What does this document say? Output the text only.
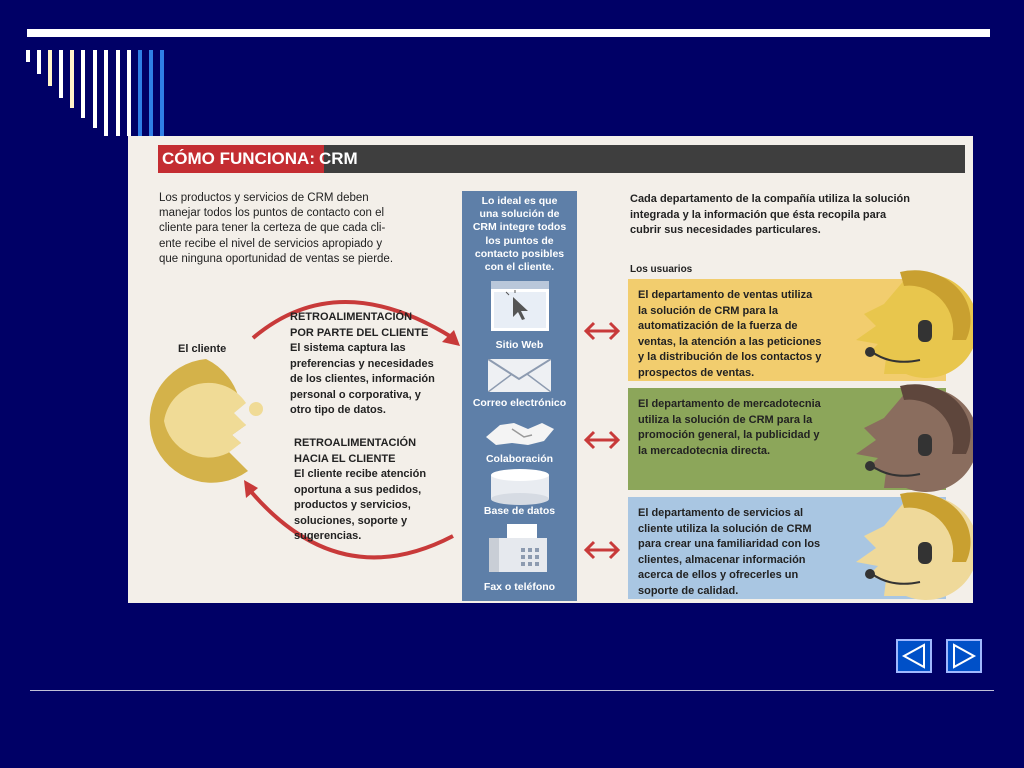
CÓMO FUNCIONA: CRM
Los productos y servicios de CRM deben
manejar todos los puntos de contacto con el
cliente para tener la certeza de que cada cli-
ente recibe el nivel de servicios apropiado y
que ninguna oportunidad de ventas se pierde.
El cliente
RETROALIMENTACIÓN
POR PARTE DEL CLIENTE
El sistema captura las
preferencias y necesidades
de los clientes, información
personal o corporativa, y
otro tipo de datos.
RETROALIMENTACIÓN
HACIA EL CLIENTE
El cliente recibe atención
oportuna a sus pedidos,
productos y servicios,
soluciones, soporte y
sugerencias.
Lo ideal es que
una solución de
CRM integre todos
los puntos de
contacto posibles
con el cliente.
Sitio Web
Correo electrónico
Colaboración
Base de datos
Fax o teléfono
Cada departamento de la compañía utiliza la solución
integrada y la información que ésta recopila para
cubrir sus necesidades particulares.
Los usuarios
El departamento de ventas utiliza
la solución de CRM para la
automatización de la fuerza de
ventas, la atención a las peticiones
y la distribución de los contactos y
prospectos de ventas.
El departamento de mercadotecnia
utiliza la solución de CRM para la
promoción general, la publicidad y
la mercadotecnia directa.
El departamento de servicios al
cliente utiliza la solución de CRM
para crear una familiaridad con los
clientes, almacenar información
acerca de ellos y ofrecerles un
soporte de calidad.
